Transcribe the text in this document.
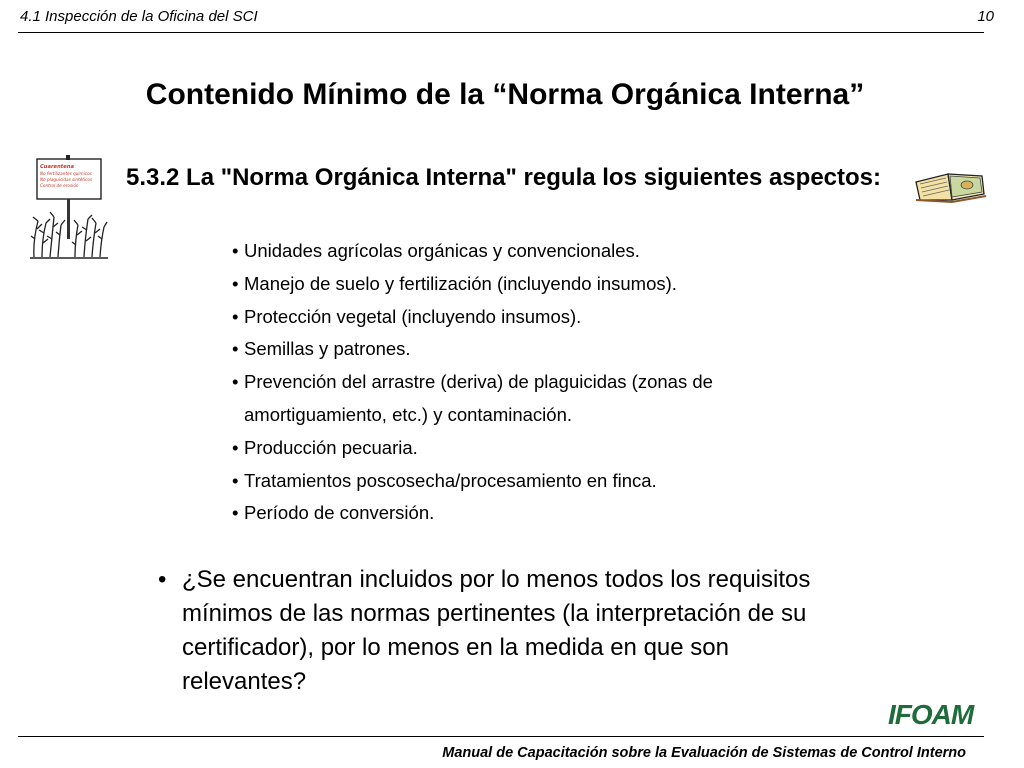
4.1 Inspección de la Oficina del SCI	10
Contenido Mínimo de la “Norma Orgánica Interna”
Cuarentena
No fertilizantes químicos
No plaguicidas sintéticos
Control de erosión 5.3.2 La "Norma Orgánica Interna" regula los siguientes aspectos:
• Unidades agrícolas orgánicas y convencionales.
• Manejo de suelo y fertilización (incluyendo insumos).
• Protección vegetal (incluyendo insumos).
• Semillas y patrones.
• Prevención del arrastre (deriva) de plaguicidas (zonas de amortiguamiento, etc.) y contaminación.
• Producción pecuaria.
• Tratamientos poscosecha/procesamiento en finca.
• Período de conversión.
• ¿Se encuentran incluidos por lo menos todos los requisitos mínimos de las normas pertinentes (la interpretación de su certificador), por lo menos en la medida en que son relevantes?
IFOAM
Manual de Capacitación sobre la Evaluación de Sistemas de Control Interno
